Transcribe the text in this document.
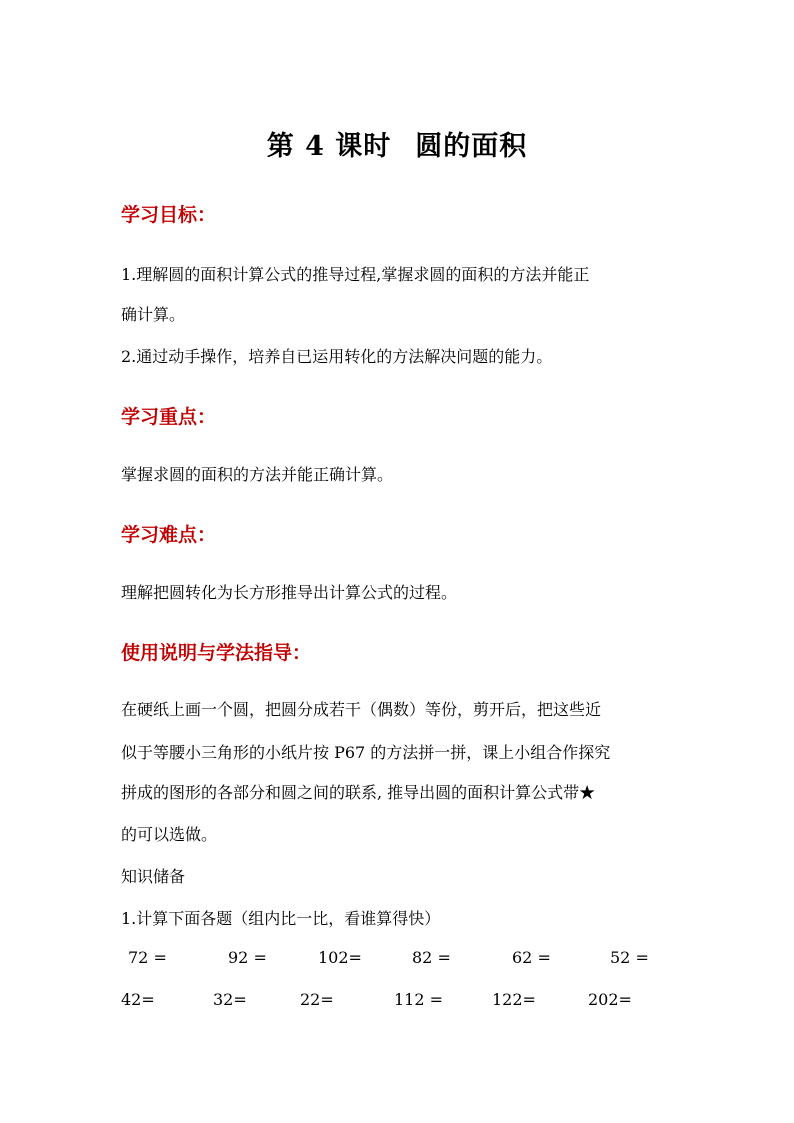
第 4 课时 圆的面积
学习目标：
1.理解圆的面积计算公式的推导过程,掌握求圆的面积的方法并能正
确计算。
2.通过动手操作，培养自已运用转化的方法解决问题的能力。
学习重点：
掌握求圆的面积的方法并能正确计算。
学习难点：
理解把圆转化为长方形推导出计算公式的过程。
使用说明与学法指导：
在硬纸上画一个圆，把圆分成若干（偶数）等份，剪开后，把这些近
似于等腰小三角形的小纸片按 P67 的方法拼一拼，课上小组合作探究
拼成的图形的各部分和圆之间的联系, 推导出圆的面积计算公式带★
的可以选做。
知识储备
1.计算下面各题（组内比一比，看谁算得快）
72 =	92 =	102=	82 =	62 =	52 =
42=	32=	22=	112 =	122=	202=
